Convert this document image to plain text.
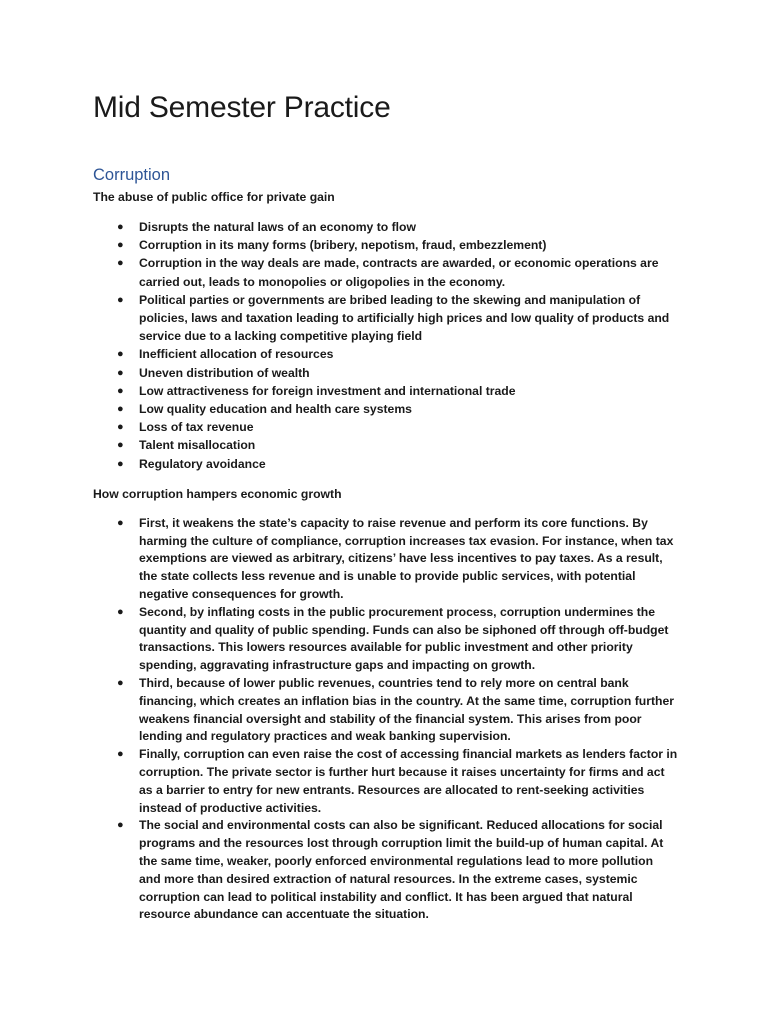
Mid Semester Practice
Corruption

The abuse of public office for private gain

● Disrupts the natural laws of an economy to flow
● Corruption in its many forms (bribery, nepotism, fraud, embezzlement)
● Corruption in the way deals are made, contracts are awarded, or economic operations are carried out, leads to monopolies or oligopolies in the economy.
● Political parties or governments are bribed leading to the skewing and manipulation of policies, laws and taxation leading to artificially high prices and low quality of products and service due to a lacking competitive playing field
● Inefficient allocation of resources
● Uneven distribution of wealth
● Low attractiveness for foreign investment and international trade
● Low quality education and health care systems
● Loss of tax revenue
● Talent misallocation
● Regulatory avoidance

How corruption hampers economic growth

● First, it weakens the state’s capacity to raise revenue and perform its core functions. By harming the culture of compliance, corruption increases tax evasion. For instance, when tax exemptions are viewed as arbitrary, citizens’ have less incentives to pay taxes. As a result, the state collects less revenue and is unable to provide public services, with potential negative consequences for growth.
● Second, by inflating costs in the public procurement process, corruption undermines the quantity and quality of public spending. Funds can also be siphoned off through off-budget transactions. This lowers resources available for public investment and other priority spending, aggravating infrastructure gaps and impacting on growth.
● Third, because of lower public revenues, countries tend to rely more on central bank financing, which creates an inflation bias in the country. At the same time, corruption further weakens financial oversight and stability of the financial system. This arises from poor lending and regulatory practices and weak banking supervision.
● Finally, corruption can even raise the cost of accessing financial markets as lenders factor in corruption. The private sector is further hurt because it raises uncertainty for firms and act as a barrier to entry for new entrants. Resources are allocated to rent-seeking activities instead of productive activities.
● The social and environmental costs can also be significant. Reduced allocations for social programs and the resources lost through corruption limit the build-up of human capital. At the same time, weaker, poorly enforced environmental regulations lead to more pollution and more than desired extraction of natural resources. In the extreme cases, systemic corruption can lead to political instability and conflict. It has been argued that natural resource abundance can accentuate the situation.
